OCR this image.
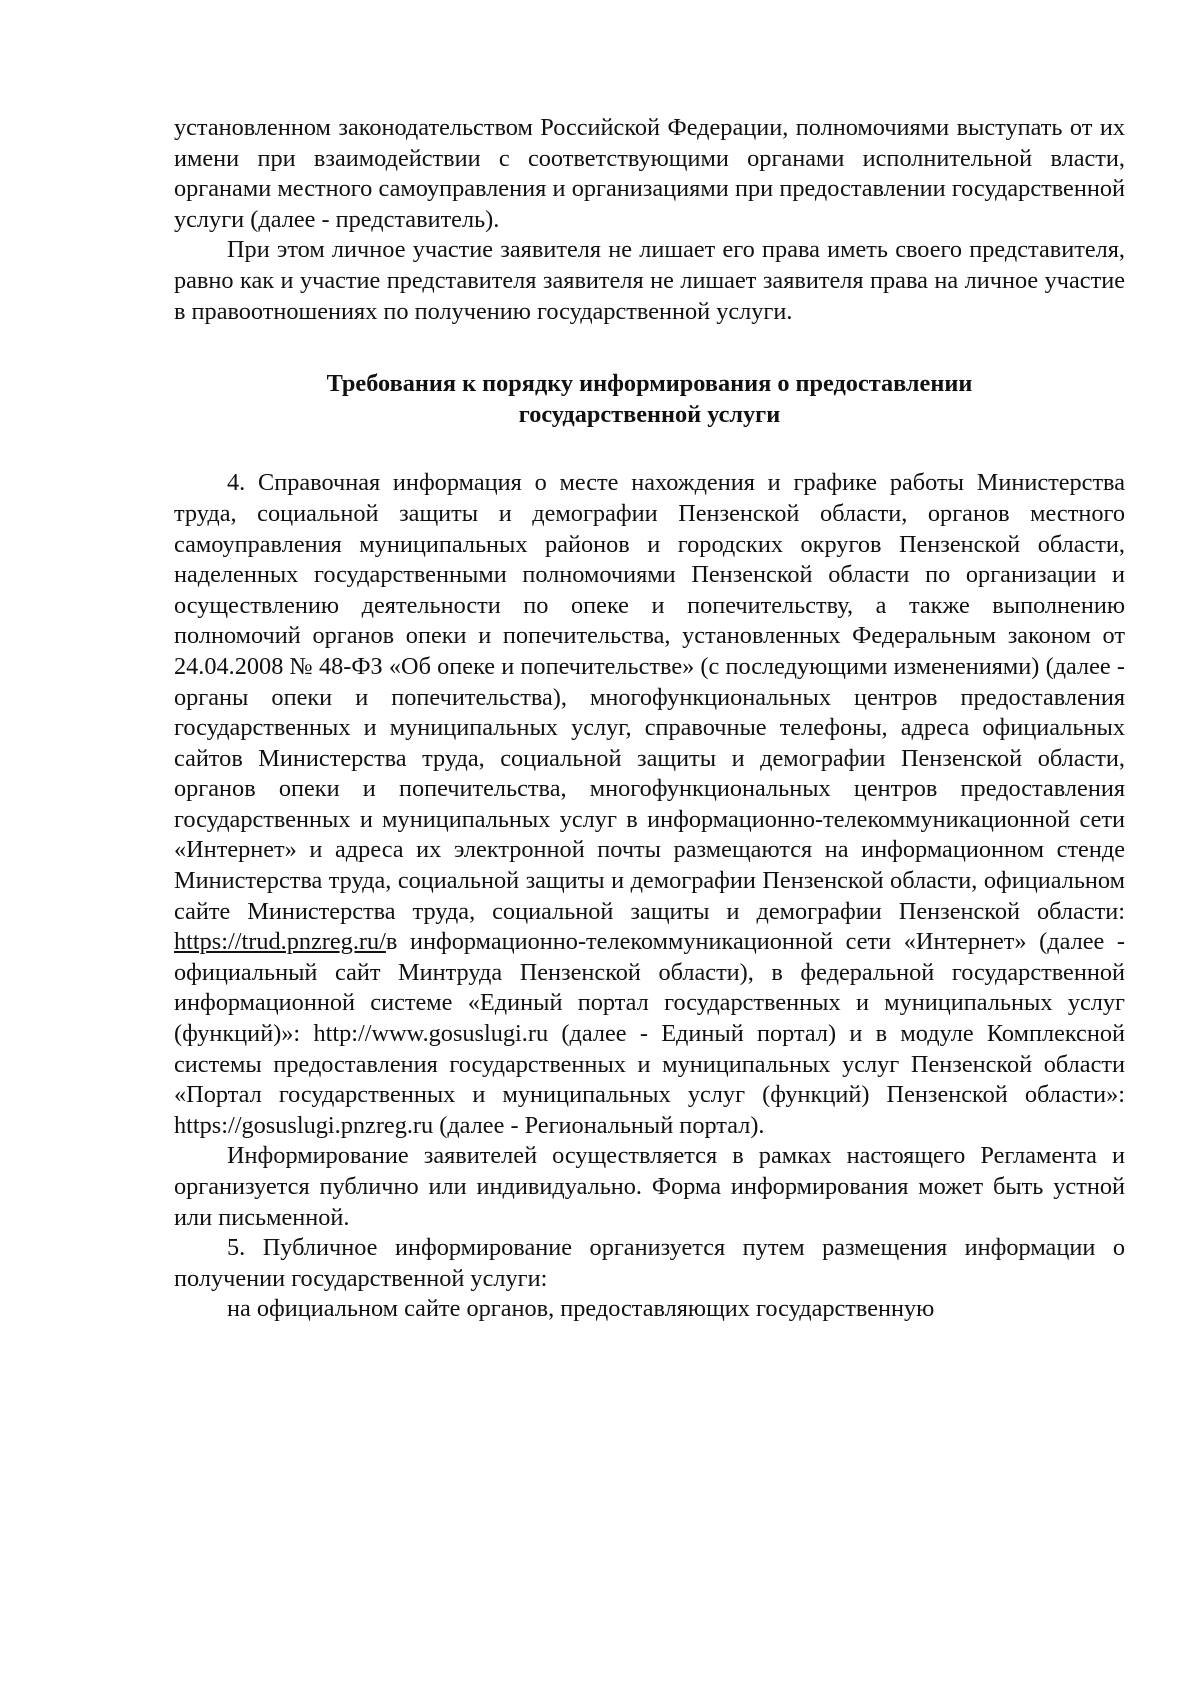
установленном законодательством Российской Федерации, полномочиями выступать от их имени при взаимодействии с соответствующими органами исполнительной власти, органами местного самоуправления и организациями при предоставлении государственной услуги (далее - представитель).

При этом личное участие заявителя не лишает его права иметь своего представителя, равно как и участие представителя заявителя не лишает заявителя права на личное участие в правоотношениях по получению государственной услуги.

Требования к порядку информирования о предоставлении
государственной услуги

4. Справочная информация о месте нахождения и графике работы Министерства труда, социальной защиты и демографии Пензенской области, органов местного самоуправления муниципальных районов и городских округов Пензенской области, наделенных государственными полномочиями Пензенской области по организации и осуществлению деятельности по опеке и попечительству, а также выполнению полномочий органов опеки и попечительства, установленных Федеральным законом от 24.04.2008 № 48-ФЗ «Об опеке и попечительстве» (с последующими изменениями) (далее - органы опеки и попечительства), многофункциональных центров предоставления государственных и муниципальных услуг, справочные телефоны, адреса официальных сайтов Министерства труда, социальной защиты и демографии Пензенской области, органов опеки и попечительства, многофункциональных центров предоставления государственных и муниципальных услуг в информационно-телекоммуникационной сети «Интернет» и адреса их электронной почты размещаются на информационном стенде Министерства труда, социальной защиты и демографии Пензенской области, официальном сайте Министерства труда, социальной защиты и демографии Пензенской области: https://trud.pnzreg.ru/в информационно-телекоммуникационной сети «Интернет» (далее - официальный сайт Минтруда Пензенской области), в федеральной государственной информационной системе «Единый портал государственных и муниципальных услуг (функций)»: http://www.gosuslugi.ru (далее - Единый портал) и в модуле Комплексной системы предоставления государственных и муниципальных услуг Пензенской области «Портал государственных и муниципальных услуг (функций) Пензенской области»: https://gosuslugi.pnzreg.ru (далее - Региональный портал).

Информирование заявителей осуществляется в рамках настоящего Регламента и организуется публично или индивидуально. Форма информирования может быть устной или письменной.

5. Публичное информирование организуется путем размещения информации о получении государственной услуги:

на официальном сайте органов, предоставляющих государственную
